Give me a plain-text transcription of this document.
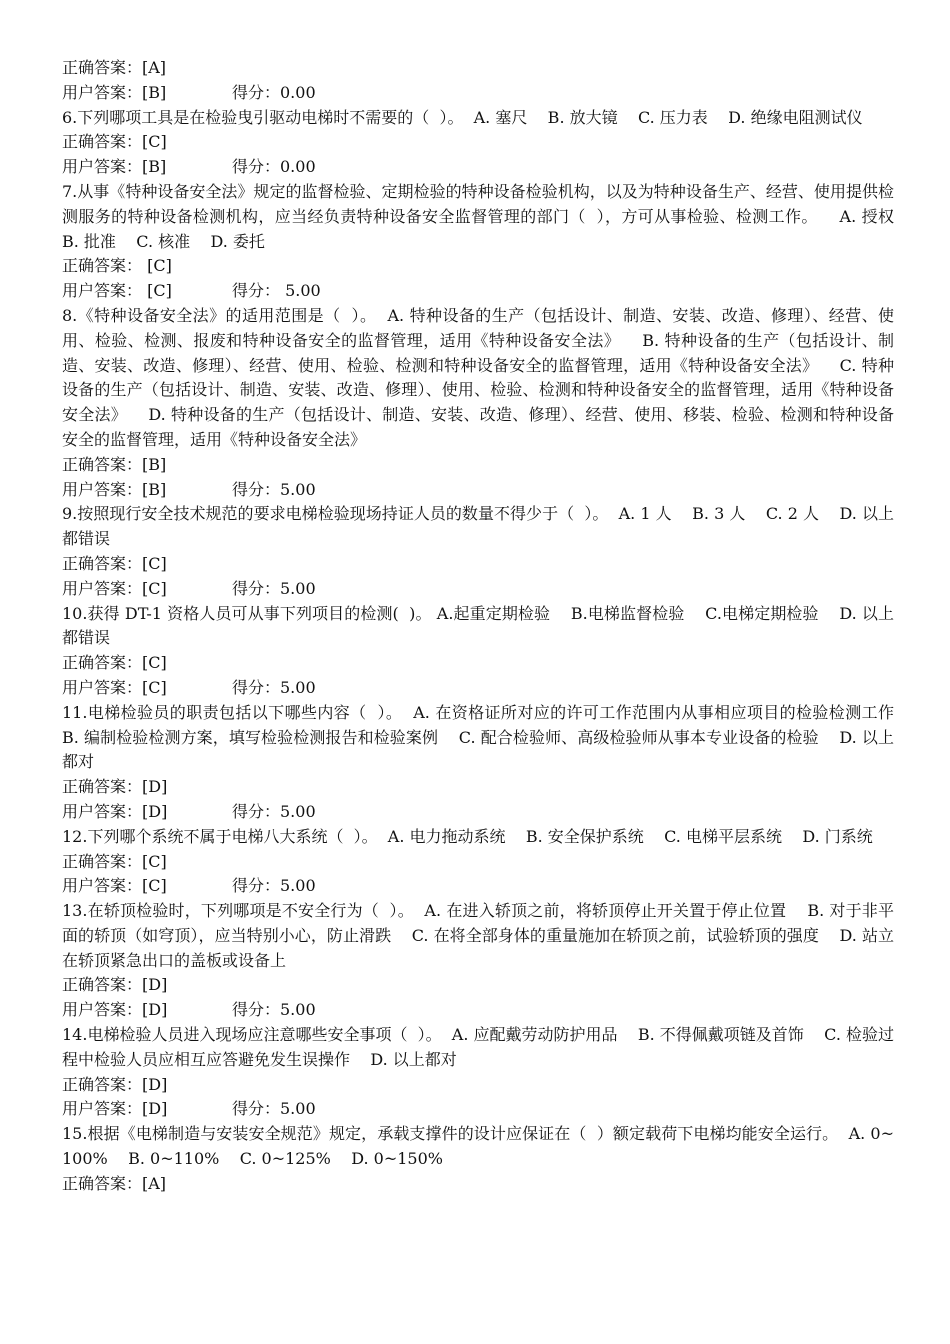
正确答案：[A]
用户答案：[B]	得分：0.00
6.下列哪项工具是在检验曳引驱动电梯时不需要的（  ）。  A. 塞尺    B. 放大镜    C. 压力表    D. 绝缘电阻测试仪
正确答案：[C]
用户答案：[B]	得分：0.00
7.从事《特种设备安全法》规定的监督检验、定期检验的特种设备检验机构，以及为特种设备生产、经营、使用提供检测服务的特种设备检测机构，应当经负责特种设备安全监督管理的部门（  ），方可从事检验、检测工作。    A. 授权    B. 批准    C. 核准    D. 委托
正确答案： [C]
用户答案： [C]	得分： 5.00
8.《特种设备安全法》的适用范围是（  ）。  A. 特种设备的生产（包括设计、制造、安装、改造、修理）、经营、使用、检验、检测、报废和特种设备安全的监督管理，适用《特种设备安全法》    B. 特种设备的生产（包括设计、制造、安装、改造、修理）、经营、使用、检验、检测和特种设备安全的监督管理，适用《特种设备安全法》    C. 特种设备的生产（包括设计、制造、安装、改造、修理）、使用、检验、检测和特种设备安全的监督管理，适用《特种设备安全法》    D. 特种设备的生产（包括设计、制造、安装、改造、修理）、经营、使用、移装、检验、检测和特种设备安全的监督管理，适用《特种设备安全法》
正确答案：[B]
用户答案：[B]	得分：5.00
9.按照现行安全技术规范的要求电梯检验现场持证人员的数量不得少于（  ）。  A. 1 人    B. 3 人    C. 2 人    D. 以上都错误
正确答案：[C]
用户答案：[C]	得分：5.00
10.获得 DT-1 资格人员可从事下列项目的检测(  )。 A.起重定期检验    B.电梯监督检验    C.电梯定期检验    D. 以上都错误
正确答案：[C]
用户答案：[C]	得分：5.00
11.电梯检验员的职责包括以下哪些内容（  ）。  A. 在资格证所对应的许可工作范围内从事相应项目的检验检测工作    B. 编制检验检测方案，填写检验检测报告和检验案例    C. 配合检验师、高级检验师从事本专业设备的检验    D. 以上都对
正确答案：[D]
用户答案：[D]	得分：5.00
12.下列哪个系统不属于电梯八大系统（  ）。  A. 电力拖动系统    B. 安全保护系统    C. 电梯平层系统    D. 门系统
正确答案：[C]
用户答案：[C]	得分：5.00
13.在轿顶检验时，下列哪项是不安全行为（  ）。  A. 在进入轿顶之前，将轿顶停止开关置于停止位置    B. 对于非平面的轿顶（如穹顶），应当特别小心，防止滑跌    C. 在将全部身体的重量施加在轿顶之前，试验轿顶的强度    D. 站立在轿顶紧急出口的盖板或设备上
正确答案：[D]
用户答案：[D]	得分：5.00
14.电梯检验人员进入现场应注意哪些安全事项（  ）。  A. 应配戴劳动防护用品    B. 不得佩戴项链及首饰    C. 检验过程中检验人员应相互应答避免发生误操作    D. 以上都对
正确答案：[D]
用户答案：[D]	得分：5.00
15.根据《电梯制造与安装安全规范》规定，承载支撑件的设计应保证在（  ）额定载荷下电梯均能安全运行。  A. 0~100%    B. 0~110%    C. 0~125%    D. 0~150%
正确答案：[A]
